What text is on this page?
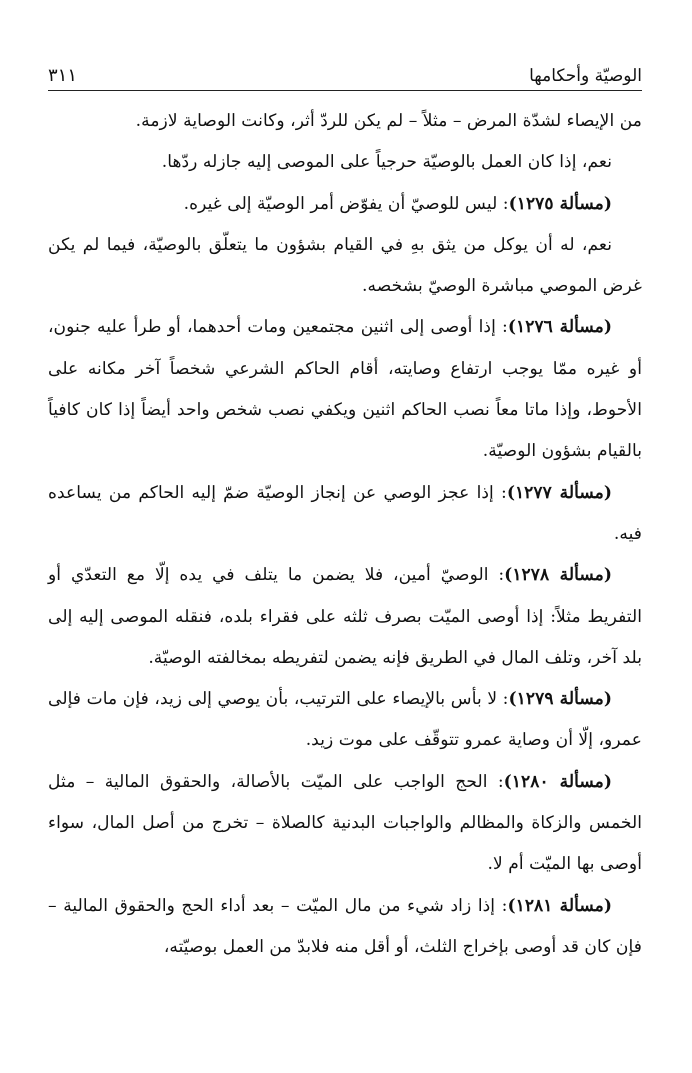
الوصيّة وأحكامها
٣١١

من الإيصاء لشدّة المرض – مثلاً – لم يكن للردّ أثر، وكانت الوصاية لازمة.

نعم، إذا كان العمل بالوصيّة حرجياً على الموصى إليه جازله ردّها.

(مسألة ١٢٧٥): ليس للوصيّ أن يفوّض أمر الوصيّة إلى غيره.

نعم، له أن يوكل من يثق بهِ في القيام بشؤون ما يتعلّق بالوصيّة، فيما لم يكن غرض الموصي مباشرة الوصيّ بشخصه.

(مسألة ١٢٧٦): إذا أوصى إلى اثنين مجتمعين ومات أحدهما، أو طرأ عليه جنون، أو غيره ممّا يوجب ارتفاع وصايته، أقام الحاكم الشرعي شخصاً آخر مكانه على الأحوط، وإذا ماتا معاً نصب الحاكم اثنين ويكفي نصب شخص واحد أيضاً إذا كان كافياً بالقيام بشؤون الوصيّة.

(مسألة ١٢٧٧): إذا عجز الوصي عن إنجاز الوصيّة ضمّ إليه الحاكم من يساعده فيه.

(مسألة ١٢٧٨): الوصيّ أمين، فلا يضمن ما يتلف في يده إلّا مع التعدّي أو التفريط مثلاً: إذا أوصى الميّت بصرف ثلثه على فقراء بلده، فنقله الموصى إليه إلى بلد آخر، وتلف المال في الطريق فإنه يضمن لتفريطه بمخالفته الوصيّة.

(مسألة ١٢٧٩): لا بأس بالإيصاء على الترتيب، بأن يوصي إلى زيد، فإن مات فإلى عمرو، إلّا أن وصاية عمرو تتوقّف على موت زيد.

(مسألة ١٢٨٠): الحج الواجب على الميّت بالأصالة، والحقوق المالية – مثل الخمس والزكاة والمظالم والواجبات البدنية كالصلاة – تخرج من أصل المال، سواء أوصى بها الميّت أم لا.

(مسألة ١٢٨١): إذا زاد شيء من مال الميّت – بعد أداء الحج والحقوق المالية – فإن كان قد أوصى بإخراج الثلث، أو أقل منه فلابدّ من العمل بوصيّته،
